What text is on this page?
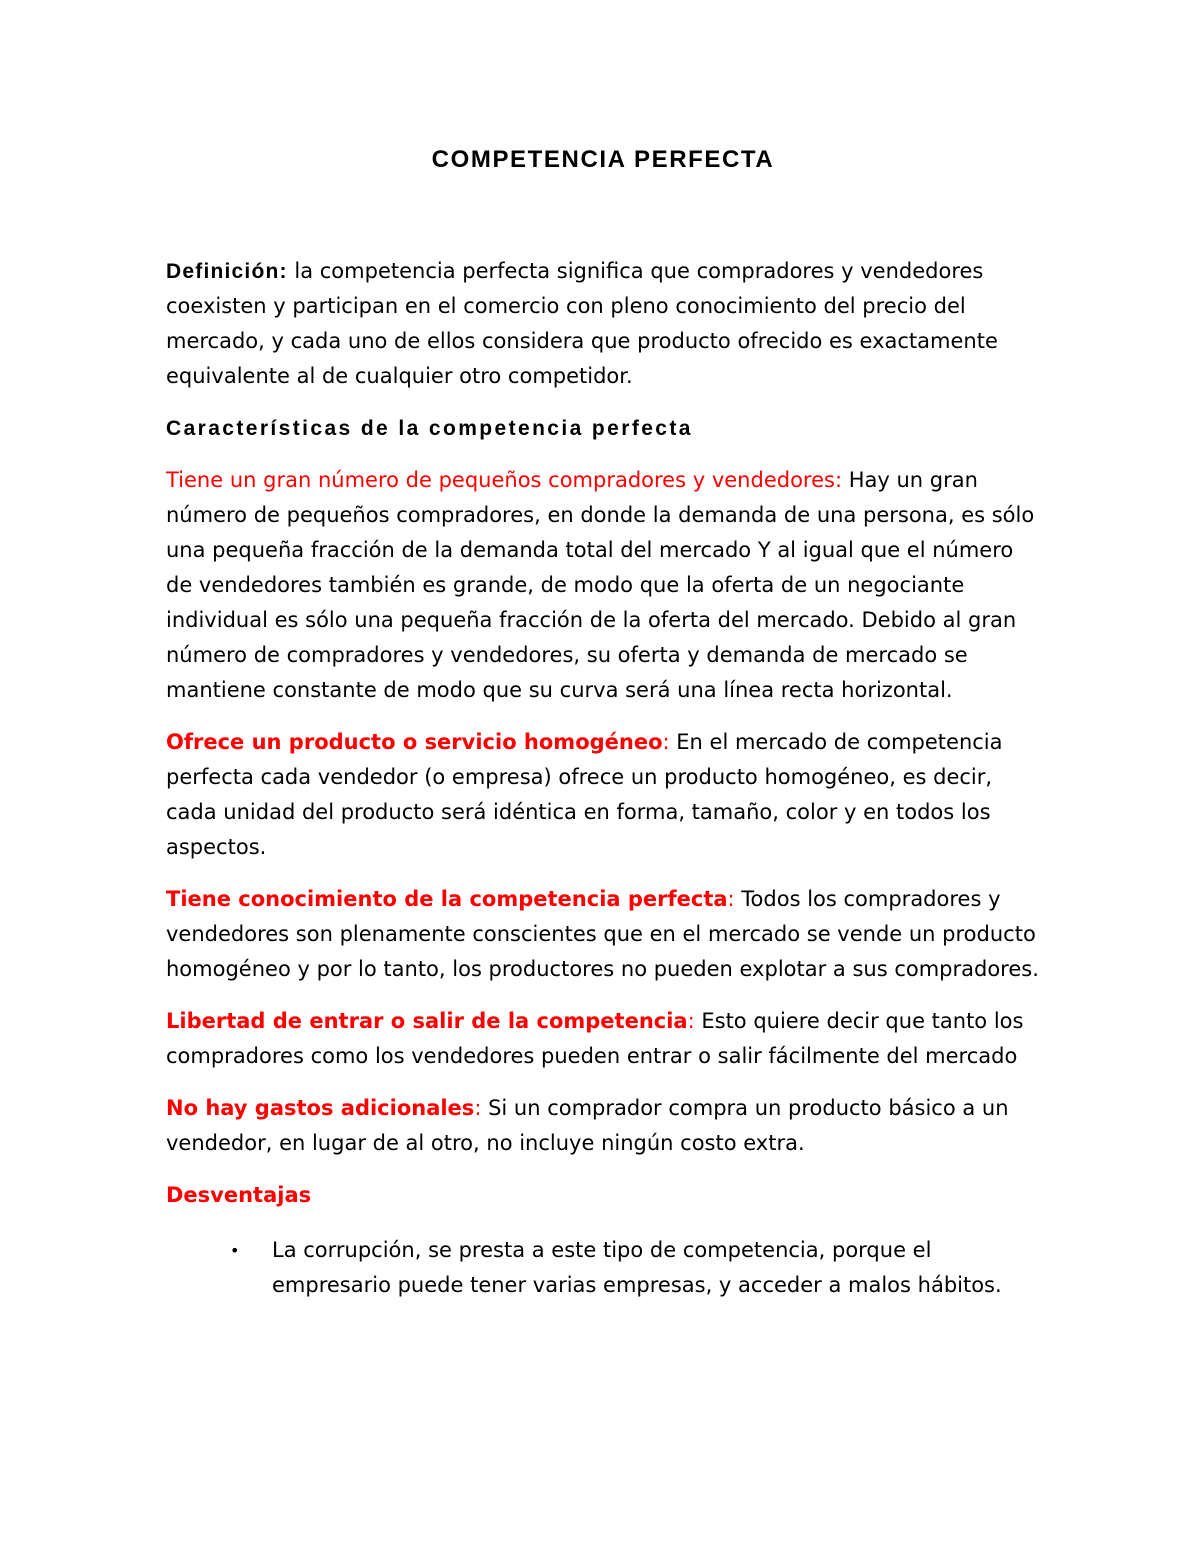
COMPETENCIA PERFECTA

Definición: la competencia perfecta significa que compradores y vendedores coexisten y participan en el comercio con pleno conocimiento del precio del mercado, y cada uno de ellos considera que producto ofrecido es exactamente equivalente al de cualquier otro competidor.

Características de la competencia perfecta

Tiene un gran número de pequeños compradores y vendedores: Hay un gran número de pequeños compradores, en donde la demanda de una persona, es sólo una pequeña fracción de la demanda total del mercado Y al igual que el número de vendedores también es grande, de modo que la oferta de un negociante individual es sólo una pequeña fracción de la oferta del mercado. Debido al gran número de compradores y vendedores, su oferta y demanda de mercado se mantiene constante de modo que su curva será una línea recta horizontal.

Ofrece un producto o servicio homogéneo: En el mercado de competencia perfecta cada vendedor (o empresa) ofrece un producto homogéneo, es decir, cada unidad del producto será idéntica en forma, tamaño, color y en todos los aspectos.

Tiene conocimiento de la competencia perfecta: Todos los compradores y vendedores son plenamente conscientes que en el mercado se vende un producto homogéneo y por lo tanto, los productores no pueden explotar a sus compradores.

Libertad de entrar o salir de la competencia: Esto quiere decir que tanto los compradores como los vendedores pueden entrar o salir fácilmente del mercado

No hay gastos adicionales: Si un comprador compra un producto básico a un vendedor, en lugar de al otro, no incluye ningún costo extra.

Desventajas
• La corrupción, se presta a este tipo de competencia, porque el empresario puede tener varias empresas, y acceder a malos hábitos.
